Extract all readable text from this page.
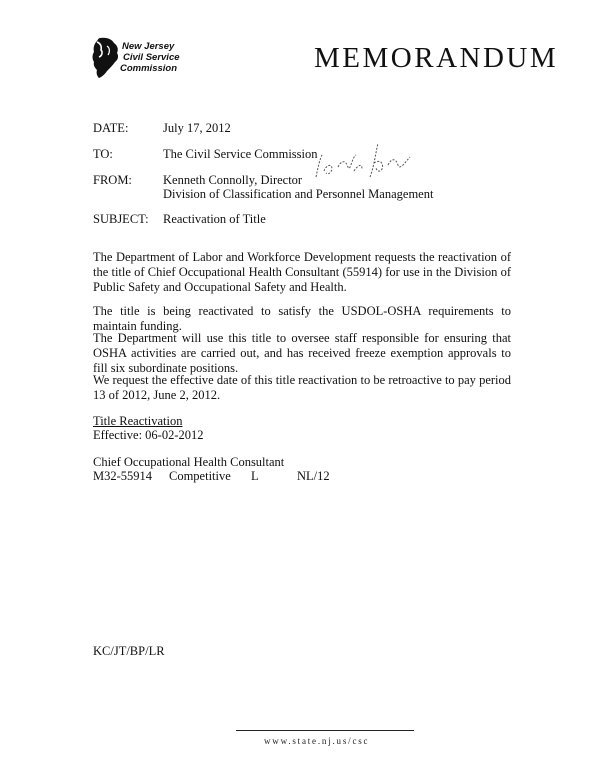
New Jersey
Civil Service
Commission	MEMORANDUM
DATE:	July 17, 2012
TO:	The Civil Service Commission
FROM: Kenneth Connolly, Director
Division of Classification and Personnel Management
SUBJECT: Reactivation of Title
The Department of Labor and Workforce Development requests the reactivation of the title of Chief Occupational Health Consultant (55914) for use in the Division of Public Safety and Occupational Safety and Health.
The title is being reactivated to satisfy the USDOL-OSHA requirements to maintain funding.
The Department will use this title to oversee staff responsible for ensuring that OSHA activities are carried out, and has received freeze exemption approvals to fill six subordinate positions.
We request the effective date of this title reactivation to be retroactive to pay period 13 of 2012, June 2, 2012.
Title Reactivation
Effective: 06-02-2012
Chief Occupational Health Consultant
M32-55914 Competitive L	NL/12
KC/JT/BP/LR
www.state.nj.us/csc
